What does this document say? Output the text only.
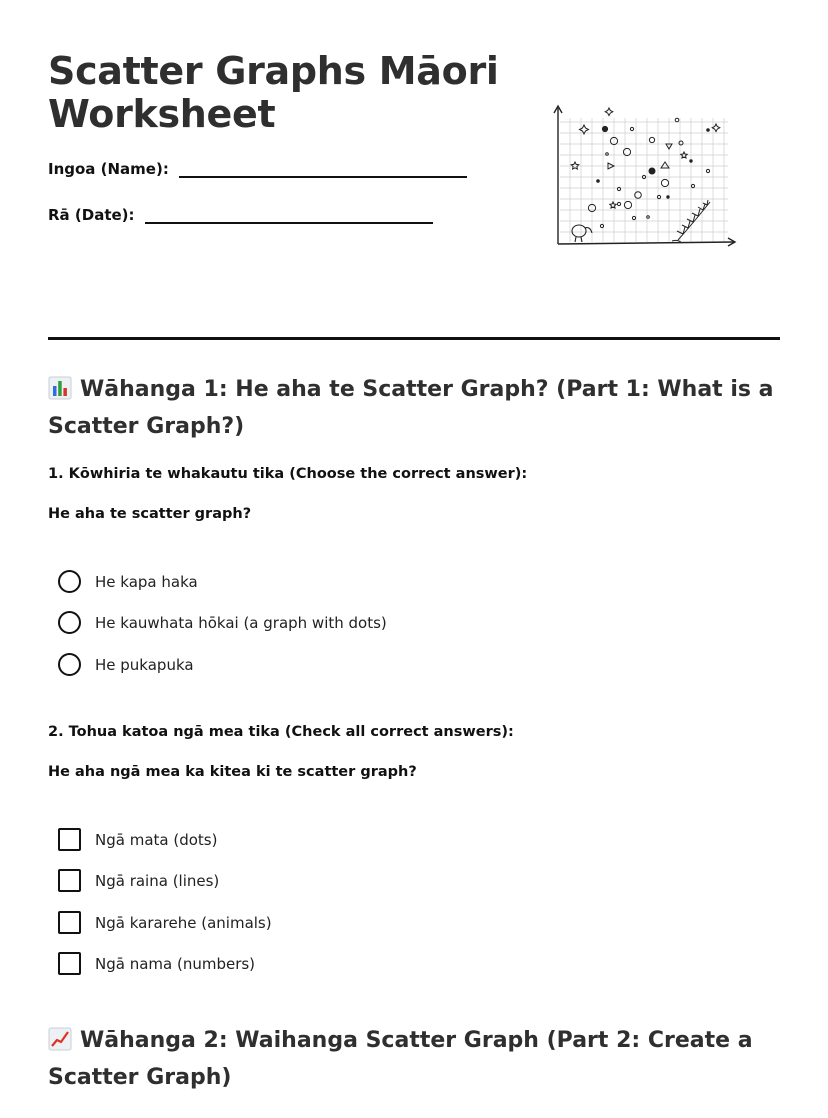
Scatter Graphs Māori
Worksheet
Ingoa (Name):
Rā (Date):
Wāhanga 1: He aha te Scatter Graph? (Part 1: What is a Scatter Graph?)
1. Kōwhiria te whakautu tika (Choose the correct answer):
He aha te scatter graph?
He kapa haka
He kauwhata hōkai (a graph with dots)
He pukapuka
2. Tohua katoa ngā mea tika (Check all correct answers):
He aha ngā mea ka kitea ki te scatter graph?
Ngā mata (dots)
Ngā raina (lines)
Ngā kararehe (animals)
Ngā nama (numbers)
Wāhanga 2: Waihanga Scatter Graph (Part 2: Create a Scatter Graph)
